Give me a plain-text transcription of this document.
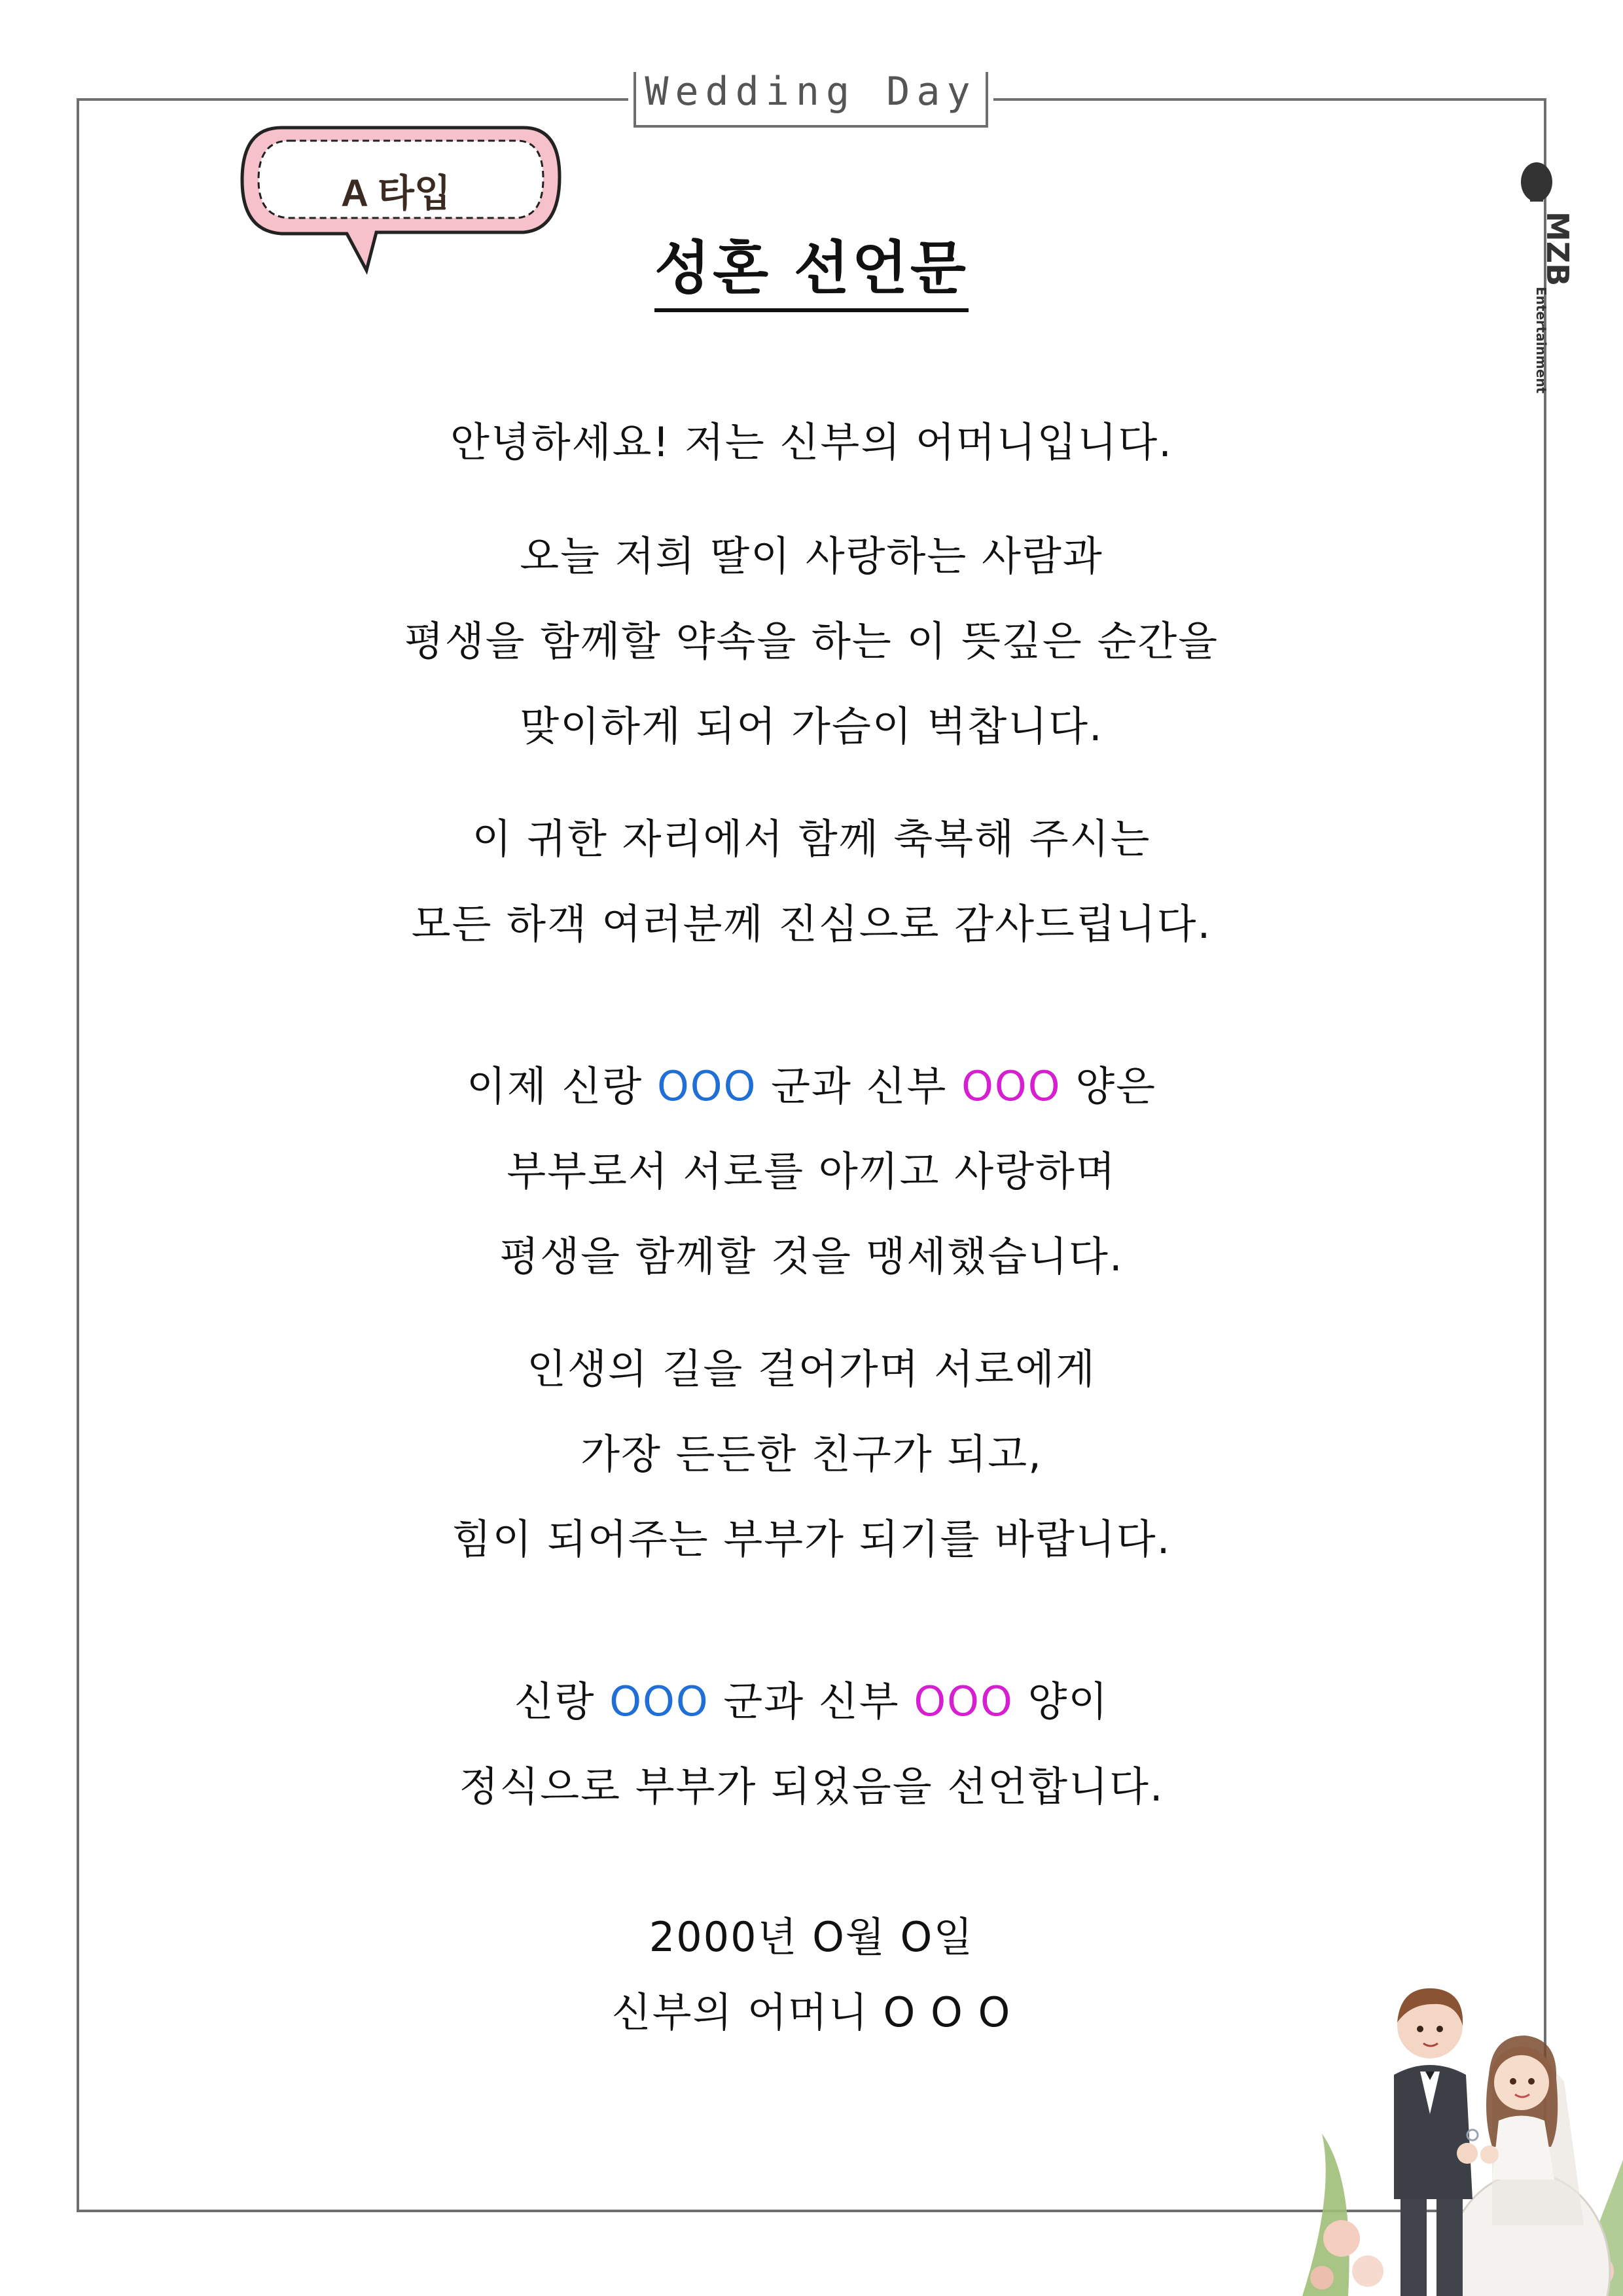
Wedding Day
A 타입
성혼 선언문
안녕하세요! 저는 신부의 어머니입니다.
오늘 저희 딸이 사랑하는 사람과
평생을 함께할 약속을 하는 이 뜻깊은 순간을
맞이하게 되어 가슴이 벅찹니다.
이 귀한 자리에서 함께 축복해 주시는
모든 하객 여러분께 진심으로 감사드립니다.
이제 신랑 OOO 군과 신부 OOO 양은
부부로서 서로를 아끼고 사랑하며
평생을 함께할 것을 맹세했습니다.
인생의 길을 걸어가며 서로에게
가장 든든한 친구가 되고,
힘이 되어주는 부부가 되기를 바랍니다.
신랑 OOO 군과 신부 OOO 양이
정식으로 부부가 되었음을 선언합니다.
2000년 O월 O일
신부의 어머니 O O O
MZB
Entertainment
